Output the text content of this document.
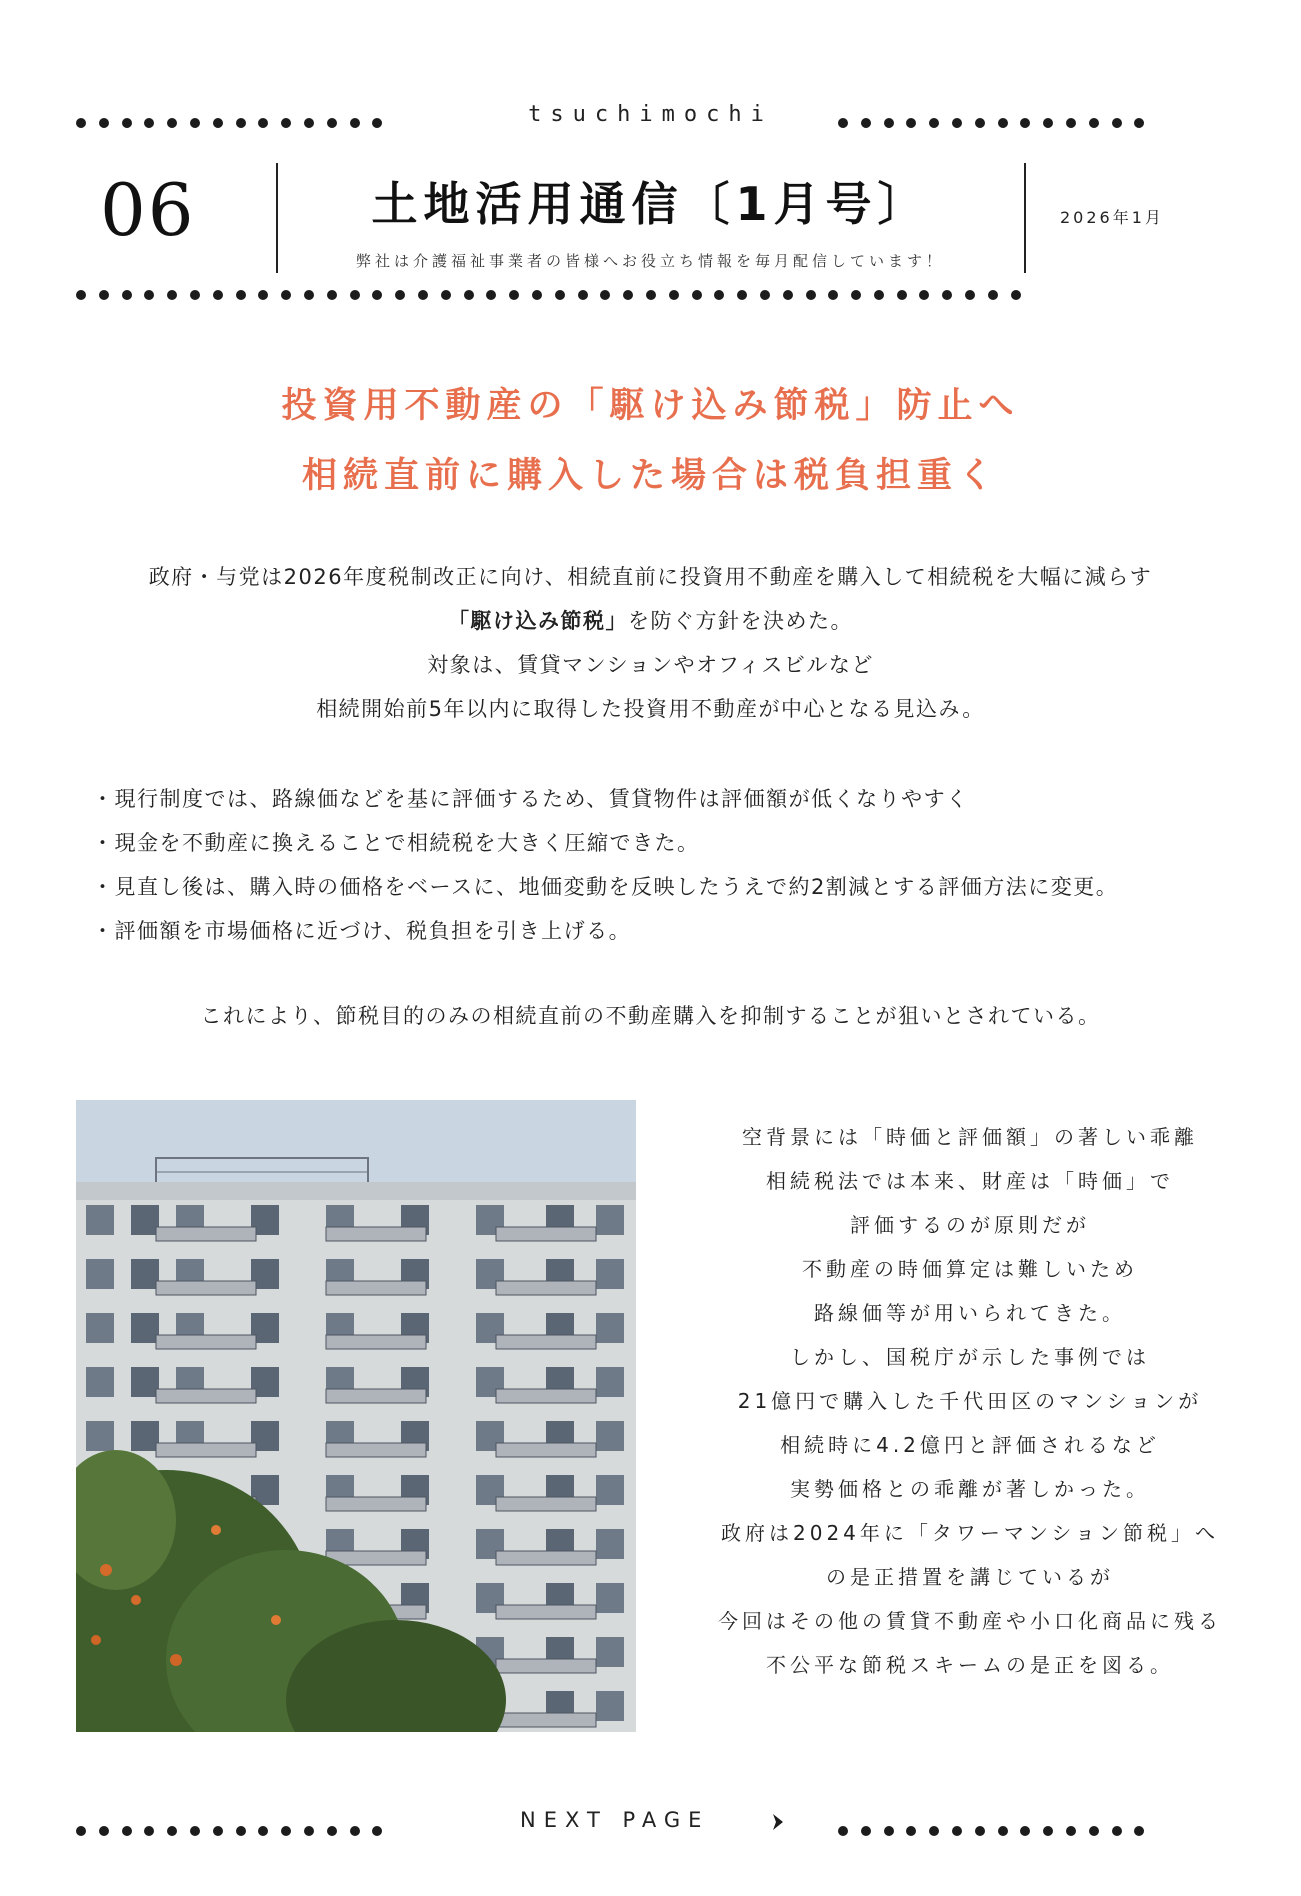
tsuchimochi
06	土地活用通信〔1月号〕
弊社は介護福祉事業者の皆様へお役立ち情報を毎月配信しています！
2026年1月
投資用不動産の「駆け込み節税」防止へ
相続直前に購入した場合は税負担重く
政府・与党は2026年度税制改正に向け、相続直前に投資用不動産を購入して相続税を大幅に減らす
「駆け込み節税」を防ぐ方針を決めた。
対象は、賃貸マンションやオフィスビルなど
相続開始前5年以内に取得した投資用不動産が中心となる見込み。
・現行制度では、路線価などを基に評価するため、賃貸物件は評価額が低くなりやすく
・現金を不動産に換えることで相続税を大きく圧縮できた。
・見直し後は、購入時の価格をベースに、地価変動を反映したうえで約2割減とする評価方法に変更。
・評価額を市場価格に近づけ、税負担を引き上げる。
これにより、節税目的のみの相続直前の不動産購入を抑制することが狙いとされている。
空背景には「時価と評価額」の著しい乖離
相続税法では本来、財産は「時価」で
評価するのが原則だが
不動産の時価算定は難しいため
路線価等が用いられてきた。
しかし、国税庁が示した事例では
21億円で購入した千代田区のマンションが
相続時に4.2億円と評価されるなど
実勢価格との乖離が著しかった。
政府は2024年に「タワーマンション節税」へ
の是正措置を講じているが
今回はその他の賃貸不動産や小口化商品に残る
不公平な節税スキームの是正を図る。
NEXT PAGE
